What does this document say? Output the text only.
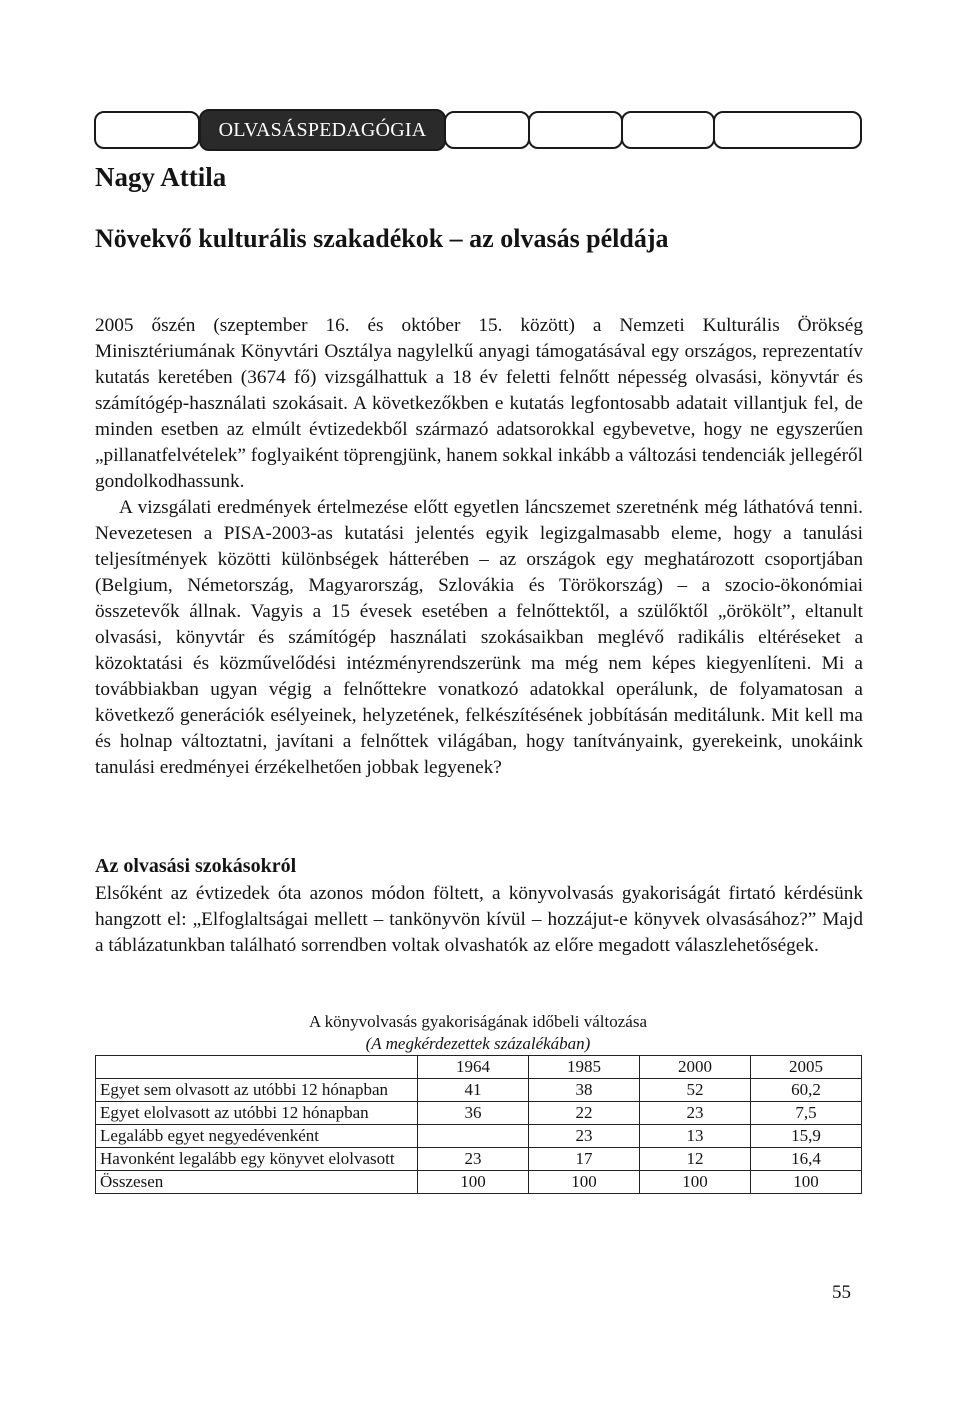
OLVASÁSPEDAGÓGIA
Nagy Attila
Növekvő kulturális szakadékok – az olvasás példája

2005 őszén (szeptember 16. és október 15. között) a Nemzeti Kulturális Örökség Minisztériumának Könyvtári Osztálya nagylelkű anyagi támogatásával egy országos, reprezentatív kutatás keretében (3674 fő) vizsgálhattuk a 18 év feletti felnőtt népesség olvasási, könyvtár és számítógép-használati szokásait. A következőkben e kutatás legfontosabb adatait villantjuk fel, de minden esetben az elmúlt évtizedekből származó adatsorokkal egybevetve, hogy ne egyszerűen „pillanatfelvételek” foglyaiként töprengjünk, hanem sokkal inkább a változási tendenciák jellegéről gondolkodhassunk.

A vizsgálati eredmények értelmezése előtt egyetlen láncszemet szeretnénk még láthatóvá tenni. Nevezetesen a PISA-2003-as kutatási jelentés egyik legizgalmasabb eleme, hogy a tanulási teljesítmények közötti különbségek hátterében – az országok egy meghatározott csoportjában (Belgium, Németország, Magyarország, Szlovákia és Törökország) – a szocio-ökonómiai összetevők állnak. Vagyis a 15 évesek esetében a felnőttektől, a szülőktől „örökölt”, eltanult olvasási, könyvtár és számítógép használati szokásaikban meglévő radikális eltéréseket a közoktatási és közművelődési intézményrendszerünk ma még nem képes kiegyenlíteni. Mi a továbbiakban ugyan végig a felnőttekre vonatkozó adatokkal operálunk, de folyamatosan a következő generációk esélyeinek, helyzetének, felkészítésének jobbításán meditálunk. Mit kell ma és holnap változtatni, javítani a felnőttek világában, hogy tanítványaink, gyerekeink, unokáink tanulási eredményei érzékelhetően jobbak legyenek?

Az olvasási szokásokról

Elsőként az évtizedek óta azonos módon föltett, a könyvolvasás gyakoriságát firtató kérdésünk hangzott el: „Elfoglaltságai mellett – tankönyvön kívül – hozzájut-e könyvek olvasásához?” Majd a táblázatunkban található sorrendben voltak olvashatók az előre megadott válaszlehetőségek.

A könyvolvasás gyakoriságának időbeli változása
(A megkérdezettek százalékában)
	1964	1985	2000	2005
Egyet sem olvasott az utóbbi 12 hónapban	41	38	52	60,2
Egyet elolvasott az utóbbi 12 hónapban	36	22	23	7,5
Legalább egyet negyedévenként		23	13	15,9
Havonként legalább egy könyvet elolvasott	23	17	12	16,4
Összesen	100	100	100	100
55
